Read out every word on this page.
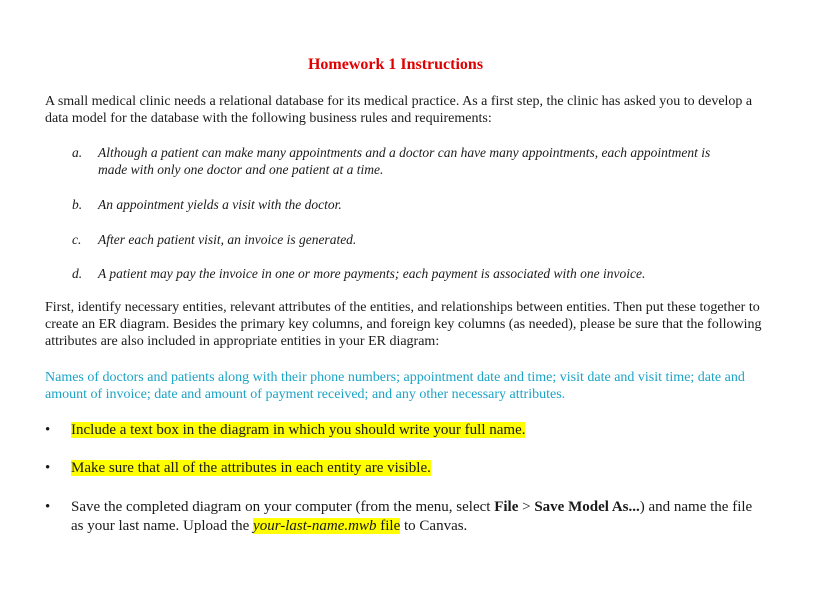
Homework 1 Instructions
A small medical clinic needs a relational database for its medical practice. As a first step, the clinic has asked you to develop a data model for the database with the following business rules and requirements:
a.	Although a patient can make many appointments and a doctor can have many appointments, each appointment is made with only one doctor and one patient at a time.
b.	An appointment yields a visit with the doctor.
c.	After each patient visit, an invoice is generated.
d.	A patient may pay the invoice in one or more payments; each payment is associated with one invoice.
First, identify necessary entities, relevant attributes of the entities, and relationships between entities. Then put these together to create an ER diagram. Besides the primary key columns, and foreign key columns (as needed), please be sure that the following attributes are also included in appropriate entities in your ER diagram:
Names of doctors and patients along with their phone numbers; appointment date and time; visit date and visit time; date and amount of invoice; date and amount of payment received; and any other necessary attributes.
•	Include a text box in the diagram in which you should write your full name.
•	Make sure that all of the attributes in each entity are visible.
•	Save the completed diagram on your computer (from the menu, select File > Save Model As...) and name the file as your last name. Upload the your-last-name.mwb file to Canvas.
